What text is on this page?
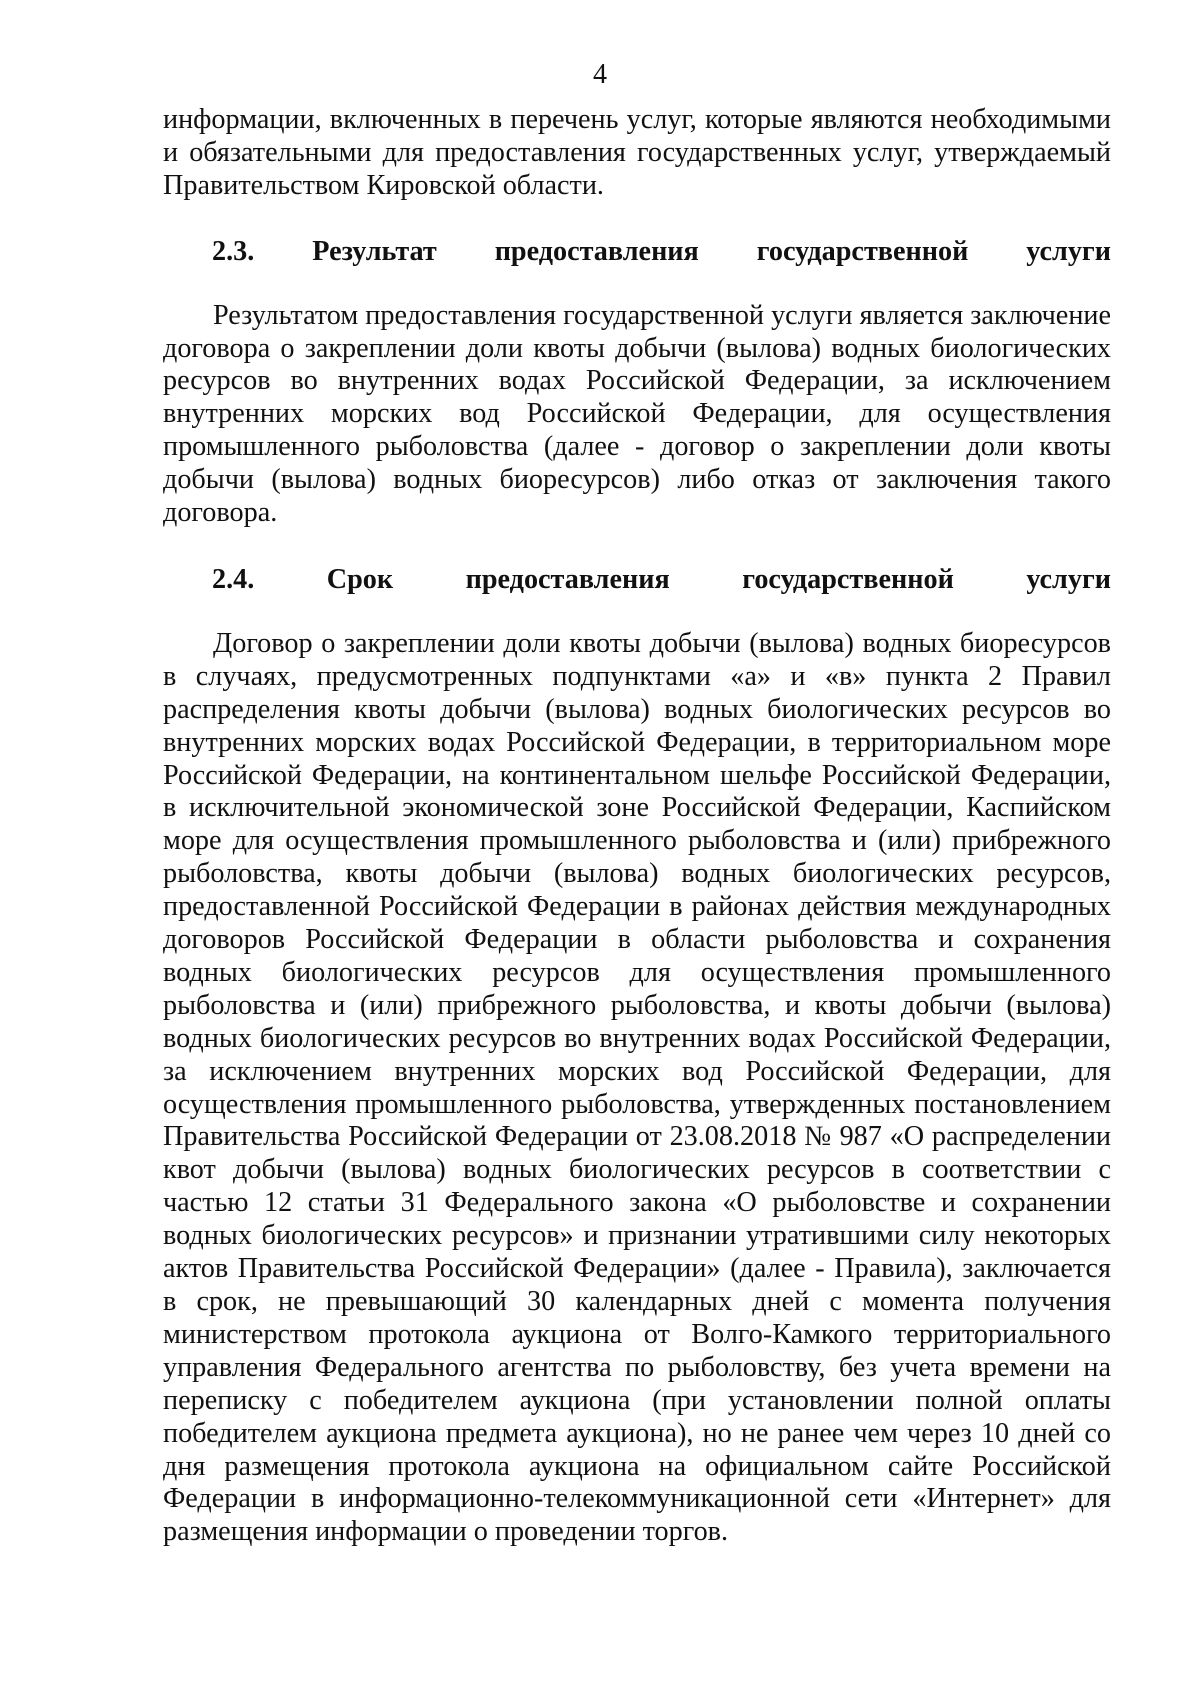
4

информации, включенных в перечень услуг, которые являются необходимыми и обязательными для предоставления государственных услуг, утверждаемый Правительством Кировской области.

2.3. Результат предоставления государственной услуги

Результатом предоставления государственной услуги является заключение договора о закреплении доли квоты добычи (вылова) водных биологических ресурсов во внутренних водах Российской Федерации, за исключением внутренних морских вод Российской Федерации, для осуществления промышленного рыболовства (далее - договор о закреплении доли квоты добычи (вылова) водных биоресурсов) либо отказ от заключения такого договора.

2.4.	Срок	предоставления	государственной	услуги

Договор о закреплении доли квоты добычи (вылова) водных биоресурсов в случаях, предусмотренных подпунктами «а» и «в» пункта 2 Правил распределения квоты добычи (вылова) водных биологических ресурсов во внутренних морских водах Российской Федерации, в территориальном море Российской Федерации, на континентальном шельфе Российской Федерации, в исключительной экономической зоне Российской Федерации, Каспийском море для осуществления промышленного рыболовства и (или) прибрежного рыболовства, квоты добычи (вылова) водных биологических ресурсов, предоставленной Российской Федерации в районах действия международных договоров Российской Федерации в области рыболовства и сохранения водных биологических ресурсов для осуществления промышленного рыболовства и (или) прибрежного рыболовства, и квоты добычи (вылова) водных биологических ресурсов во внутренних водах Российской Федерации, за исключением внутренних морских вод Российской Федерации, для осуществления промышленного рыболовства, утвержденных постановлением Правительства Российской Федерации от 23.08.2018 № 987 «О распределении квот добычи (вылова) водных биологических ресурсов в соответствии с частью 12 статьи 31 Федерального закона «О рыболовстве и сохранении водных биологических ресурсов» и признании утратившими силу некоторых актов Правительства Российской Федерации» (далее - Правила), заключается в срок, не превышающий 30 календарных дней с момента получения министерством протокола аукциона от Волго-Камкого территориального управления Федерального агентства по рыболовству, без учета времени на переписку с победителем аукциона (при установлении полной оплаты победителем аукциона предмета аукциона), но не ранее чем через 10 дней со дня размещения протокола аукциона на официальном сайте Российской Федерации в информационно-телекоммуникационной сети «Интернет» для размещения информации о проведении торгов.
